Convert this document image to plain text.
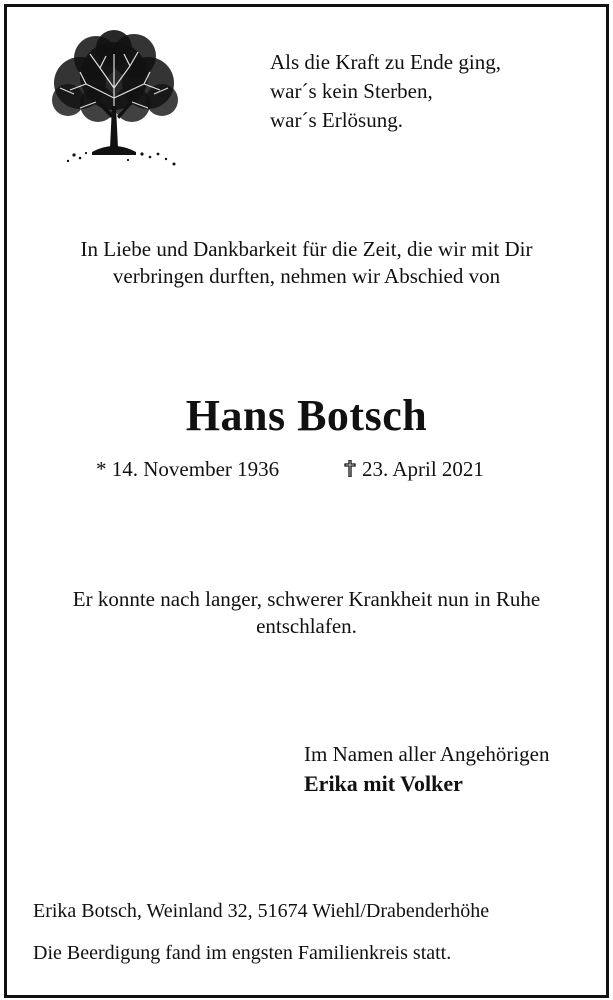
Als die Kraft zu Ende ging,
war´s kein Sterben,
war´s Erlösung.
In Liebe und Dankbarkeit für die Zeit, die wir mit Dir
verbringen durften, nehmen wir Abschied von
Hans Botsch
* 14. November 1936	23. April 2021
Er konnte nach langer, schwerer Krankheit nun in Ruhe
entschlafen.
Im Namen aller Angehörigen
Erika mit Volker
Erika Botsch, Weinland 32, 51674 Wiehl/Drabenderhöhe
Die Beerdigung fand im engsten Familienkreis statt.
